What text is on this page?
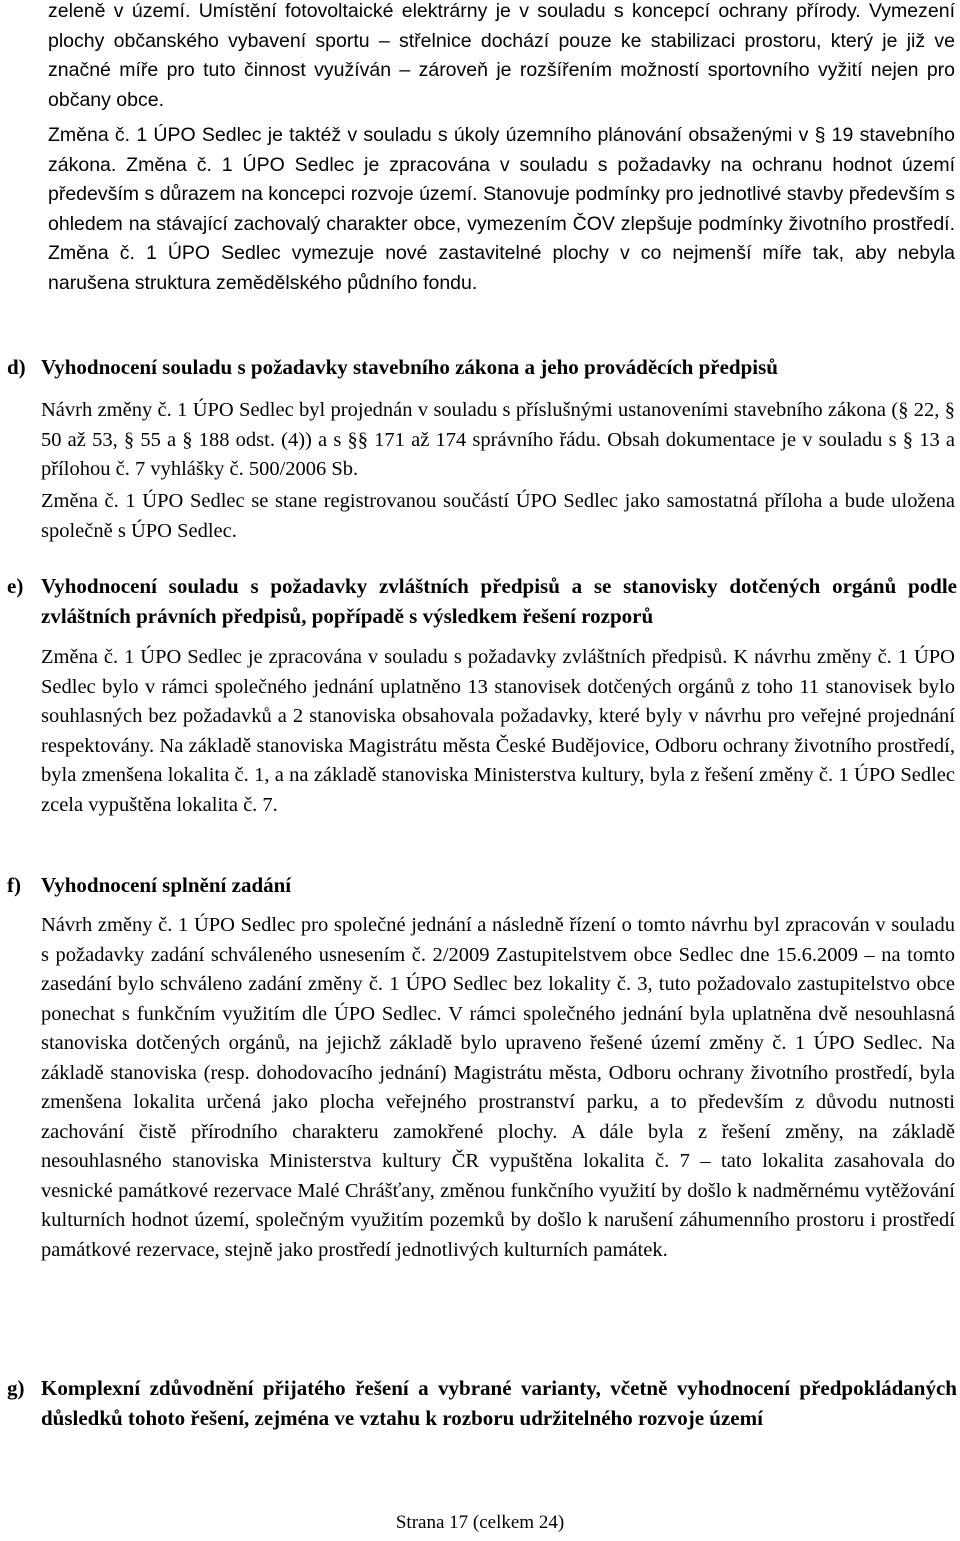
zeleně v území. Umístění fotovoltaické elektrárny je v souladu s koncepcí ochrany přírody. Vymezení plochy občanského vybavení sportu – střelnice dochází pouze ke stabilizaci prostoru, který je již ve značné míře pro tuto činnost využíván – zároveň je rozšířením možností sportovního vyžití nejen pro občany obce.

Změna č. 1 ÚPO Sedlec je taktéž v souladu s úkoly územního plánování obsaženými v § 19 stavebního zákona. Změna č. 1 ÚPO Sedlec je zpracována v souladu s požadavky na ochranu hodnot území především s důrazem na koncepci rozvoje území. Stanovuje podmínky pro jednotlivé stavby především s ohledem na stávající zachovalý charakter obce, vymezením ČOV zlepšuje podmínky životního prostředí. Změna č. 1 ÚPO Sedlec vymezuje nové zastavitelné plochy v co nejmenší míře tak, aby nebyla narušena struktura zemědělského půdního fondu.

d) Vyhodnocení souladu s požadavky stavebního zákona a jeho prováděcích předpisů

Návrh změny č. 1 ÚPO Sedlec byl projednán v souladu s příslušnými ustanoveními stavebního zákona (§ 22, § 50 až 53, § 55 a § 188 odst. (4)) a s §§ 171 až 174 správního řádu. Obsah dokumentace je v souladu s § 13 a přílohou č. 7 vyhlášky č. 500/2006 Sb.

Změna č. 1 ÚPO Sedlec se stane registrovanou součástí ÚPO Sedlec jako samostatná příloha a bude uložena společně s ÚPO Sedlec.

e) Vyhodnocení souladu s požadavky zvláštních předpisů a se stanovisky dotčených orgánů podle zvláštních právních předpisů, popřípadě s výsledkem řešení rozporů

Změna č. 1 ÚPO Sedlec je zpracována v souladu s požadavky zvláštních předpisů. K návrhu změny č. 1 ÚPO Sedlec bylo v rámci společného jednání uplatněno 13 stanovisek dotčených orgánů z toho 11 stanovisek bylo souhlasných bez požadavků a 2 stanoviska obsahovala požadavky, které byly v návrhu pro veřejné projednání respektovány. Na základě stanoviska Magistrátu města České Budějovice, Odboru ochrany životního prostředí, byla zmenšena lokalita č. 1, a na základě stanoviska Ministerstva kultury, byla z řešení změny č. 1 ÚPO Sedlec zcela vypuštěna lokalita č. 7.

f) Vyhodnocení splnění zadání

Návrh změny č. 1 ÚPO Sedlec pro společné jednání a následně řízení o tomto návrhu byl zpracován v souladu s požadavky zadání schváleného usnesením č. 2/2009 Zastupitelstvem obce Sedlec dne 15.6.2009 – na tomto zasedání bylo schváleno zadání změny č. 1 ÚPO Sedlec bez lokality č. 3, tuto požadovalo zastupitelstvo obce ponechat s funkčním využitím dle ÚPO Sedlec. V rámci společného jednání byla uplatněna dvě nesouhlasná stanoviska dotčených orgánů, na jejichž základě bylo upraveno řešené území změny č. 1 ÚPO Sedlec. Na základě stanoviska (resp. dohodovacího jednání) Magistrátu města, Odboru ochrany životního prostředí, byla zmenšena lokalita určená jako plocha veřejného prostranství parku, a to především z důvodu nutnosti zachování čistě přírodního charakteru zamokřené plochy. A dále byla z řešení změny, na základě nesouhlasného stanoviska Ministerstva kultury ČR vypuštěna lokalita č. 7 – tato lokalita zasahovala do vesnické památkové rezervace Malé Chrášťany, změnou funkčního využití by došlo k nadměrnému vytěžování kulturních hodnot území, společným využitím pozemků by došlo k narušení záhumenního prostoru i prostředí památkové rezervace, stejně jako prostředí jednotlivých kulturních památek.

g) Komplexní zdůvodnění přijatého řešení a vybrané varianty, včetně vyhodnocení předpokládaných důsledků tohoto řešení, zejména ve vztahu k rozboru udržitelného rozvoje území
Strana 17 (celkem 24)
